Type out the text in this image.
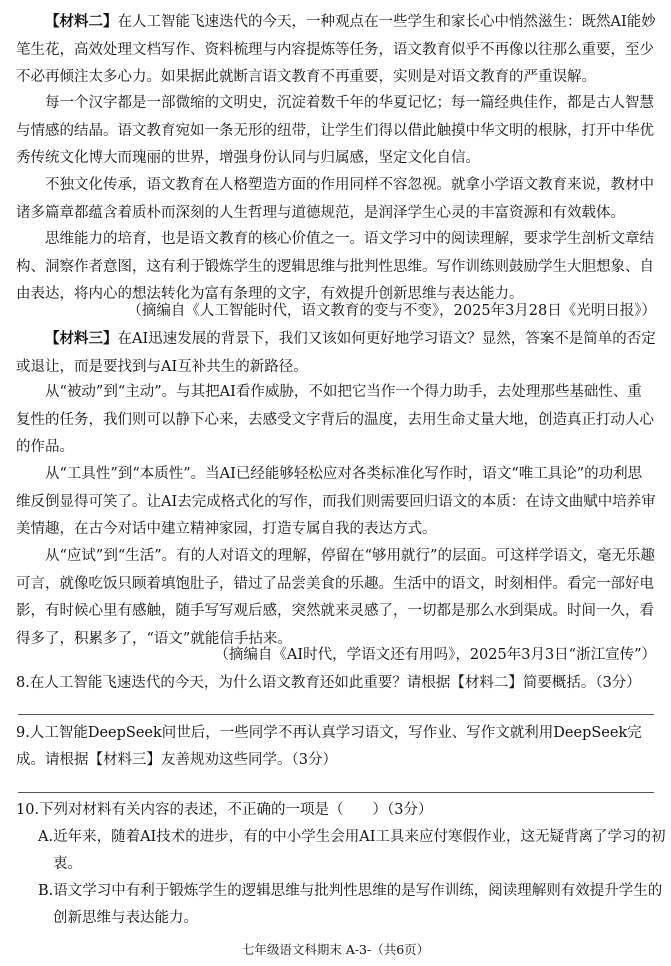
【材料二】在人工智能飞速迭代的今天，一种观点在一些学生和家长心中悄然滋生：既然AI能妙笔生花，高效处理文档写作、资料梳理与内容提炼等任务，语文教育似乎不再像以往那么重要，至少不必再倾注太多心力。如果据此就断言语文教育不再重要，实则是对语文教育的严重误解。

每一个汉字都是一部微缩的文明史，沉淀着数千年的华夏记忆；每一篇经典佳作，都是古人智慧与情感的结晶。语文教育宛如一条无形的纽带，让学生们得以借此触摸中华文明的根脉，打开中华优秀传统文化博大而瑰丽的世界，增强身份认同与归属感，坚定文化自信。

不独文化传承，语文教育在人格塑造方面的作用同样不容忽视。就拿小学语文教育来说，教材中诸多篇章都蕴含着质朴而深刻的人生哲理与道德规范，是润泽学生心灵的丰富资源和有效载体。

思维能力的培育，也是语文教育的核心价值之一。语文学习中的阅读理解，要求学生剖析文章结构、洞察作者意图，这有利于锻炼学生的逻辑思维与批判性思维。写作训练则鼓励学生大胆想象、自由表达，将内心的想法转化为富有条理的文字，有效提升创新思维与表达能力。

（摘编自《人工智能时代，语文教育的变与不变》，2025年3月28日《光明日报》）

【材料三】在AI迅速发展的背景下，我们又该如何更好地学习语文？显然，答案不是简单的否定或退让，而是要找到与AI互补共生的新路径。

从“被动”到“主动”。与其把AI看作威胁，不如把它当作一个得力助手，去处理那些基础性、重复性的任务，我们则可以静下心来，去感受文字背后的温度，去用生命丈量大地，创造真正打动人心的作品。

从“工具性”到“本质性”。当AI已经能够轻松应对各类标准化写作时，语文“唯工具论”的功利思维反倒显得可笑了。让AI去完成格式化的写作，而我们则需要回归语文的本质：在诗文曲赋中培养审美情趣，在古今对话中建立精神家园，打造专属自我的表达方式。

从“应试”到“生活”。有的人对语文的理解，停留在“够用就行”的层面。可这样学语文，毫无乐趣可言，就像吃饭只顾着填饱肚子，错过了品尝美食的乐趣。生活中的语文，时刻相伴。看完一部好电影，有时候心里有感触，随手写写观后感，突然就来灵感了，一切都是那么水到渠成。时间一久，看得多了，积累多了，“语文”就能信手拈来。

（摘编自《AI时代，学语文还有用吗》，2025年3月3日“浙江宣传”）

8.在人工智能飞速迭代的今天，为什么语文教育还如此重要？请根据【材料二】简要概括。（3分）

9.人工智能DeepSeek问世后，一些同学不再认真学习语文，写作业、写作文就利用DeepSeek完成。请根据【材料三】友善规劝这些同学。（3分）

10.下列对材料有关内容的表述，不正确的一项是（　　）（3分）

A.近年来，随着AI技术的进步，有的中小学生会用AI工具来应付寒假作业，这无疑背离了学习的初衷。

B.语文学习中有利于锻炼学生的逻辑思维与批判性思维的是写作训练，阅读理解则有效提升学生的创新思维与表达能力。

七年级语文科期末 A-3-（共6页）
